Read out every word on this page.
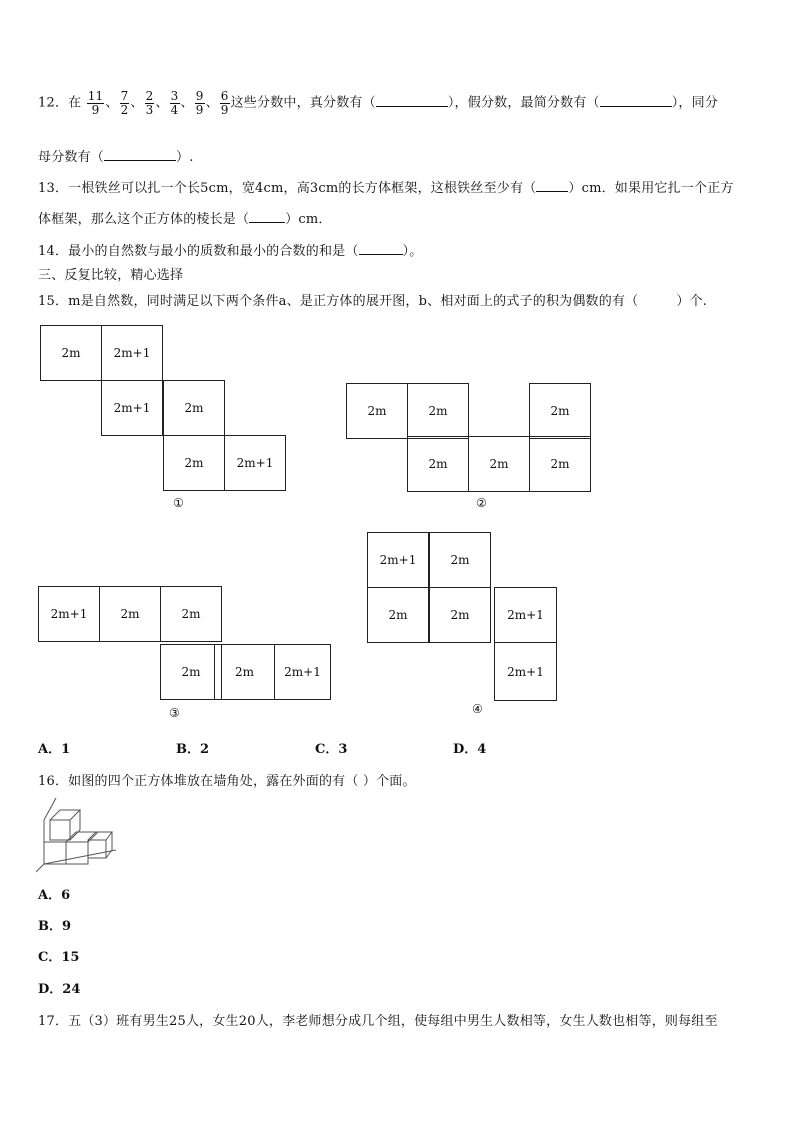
12．在 $\frac{11}{9}$ 、 $\frac{7}{2}$ 、 $\frac{2}{3}$ 、 $\frac{3}{4}$ 、 $\frac{9}{9}$ 、 $\frac{6}{9}$ 这些分数中，真分数有（	），假分数，最简分数有（	），同分
母分数有（	）.
13．一根铁丝可以扎一个长5cm，宽4cm，高3cm的长方体框架，这根铁丝至少有（ ）cm．如果用它扎一个正方
体框架，那么这个正方体的棱长是（	）cm．
14．最小的自然数与最小的质数和最小的合数的和是（	）。
三、反复比较，精心选择
15．m是自然数，同时满足以下两个条件a、是正方体的展开图，b、相对面上的式子的积为偶数的有（	）个.
2m	2m+1
2m+1	2m
2m	2m+1
①
2m	2m	2m
2m	2m	2m
②
2m+1	2m	2m
2m	2m	2m+1
③
2m+1	2m
2m	2m	2m+1
2m+1
④
A．1	B．2	C．3	D．4
16．如图的四个正方体堆放在墙角处，露在外面的有（ ）个面。
A．6
B．9
C．15
D．24
17．五（3）班有男生25人，女生20人，李老师想分成几个组，使每组中男生人数相等，女生人数也相等，则每组至
